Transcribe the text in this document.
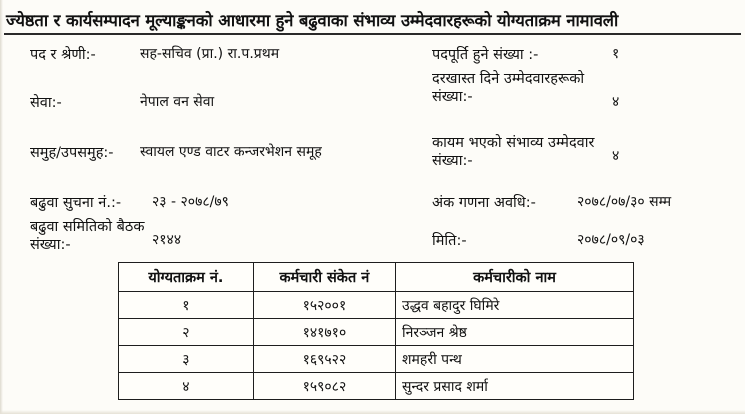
ज्येष्ठता र कार्यसम्पादन मूल्याङ्कनको आधारमा हुने बढुवाका संभाव्य उम्मेदवारहरूको योग्यताक्रम नामावली
पद र श्रेणी:-	सह-सचिव (प्रा.) रा.प.प्रथम
सेवा:-	नेपाल वन सेवा
समुह/उपसमुह:- स्वायल एण्ड वाटर कन्जरभेशन समूह
बढुवा सुचना नं.:- २३ - २०७८/७९
बढुवा समितिको बैठक संख्या:-	२१४४
पदपूर्ति हुने संख्या :-	१
दरखास्त दिने उम्मेदवारहरूको संख्या:-	४
कायम भएको संभाव्य उम्मेदवार संख्या:-	४
अंक गणना अवधि:-	२०७८/०७/३० सम्म
मिति:-	२०७८/०९/०३
योग्यताक्रम नं.	कर्मचारी संकेत नं	कर्मचारीको नाम
१	१५२००१	उद्धव बहादुर घिमिरे
२	१४१७१०	निरञ्जन श्रेष्ठ
३	१६९५२२	शमहरी पन्थ
४	१५९०८२	सुन्दर प्रसाद शर्मा
